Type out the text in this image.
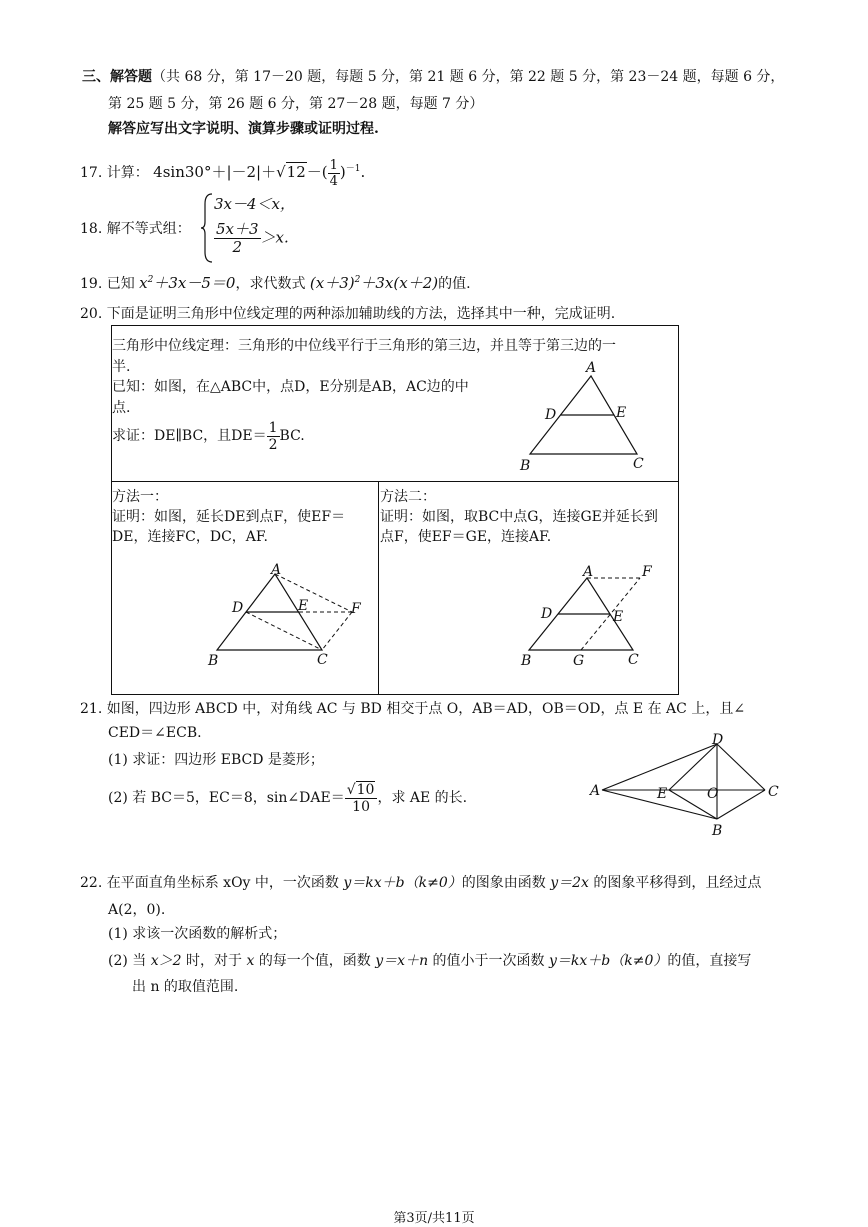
三、解答题（共 68 分，第 17－20 题，每题 5 分，第 21 题 6 分，第 22 题 5 分，第 23－24 题，每题 6 分，
第 25 题 5 分，第 26 题 6 分，第 27－28 题，每题 7 分）
解答应写出文字说明、演算步骤或证明过程.
17. 计算： $4\sin 30^\circ+|-2|+√12-( \frac{1}{4} )^{-1}$.
18. 解不等式组：
3x－4＜x，
$\frac{5x+3}{2} >x$.
19. 已知 $x^2+3x-5=0$，求代数式 $(x+3)^2+3x(x+2)$的值.
20. 下面是证明三角形中位线定理的两种添加辅助线的方法，选择其中一种，完成证明.
三角形中位线定理：三角形的中位线平行于三角形的第三边，并且等于第三边的一
半.
已知：如图，在△ABC中，点D，E分别是AB，AC边的中
点.
求证：DE∥BC，且$DE= \frac{1}{2}$ BC.
A
D	E
B	C
方法一：
证明：如图，延长DE到点F，使EF＝
DE，连接FC，DC，AF.
A
D	E	F
B	C
方法二：
证明：如图，取BC中点G，连接GE并延长到
点F，使EF＝GE，连接AF.
A	F
D	E
B	G	C
21. 如图，四边形 ABCD 中，对角线 AC 与 BD 相交于点 O，AB＝AD，OB＝OD，点 E 在 AC 上，且∠
CED＝∠ECB.
(1) 求证：四边形 EBCD 是菱形；
(2) 若 BC＝5，EC＝8，sin∠DAE＝ $\frac{√10}{10}$ ，求 AE 的长.
D
A	E	O	C
B
22. 在平面直角坐标系 xOy 中，一次函数 y＝kx＋b（k≠0）的图象由函数 y＝2x 的图象平移得到，且经过点
A(2，0).
(1) 求该一次函数的解析式；
(2) 当 x＞2 时，对于 x 的每一个值，函数 y＝x＋n 的值小于一次函数 y＝kx＋b（k≠0）的值，直接写
出 n 的取值范围.
第3页/共11页
